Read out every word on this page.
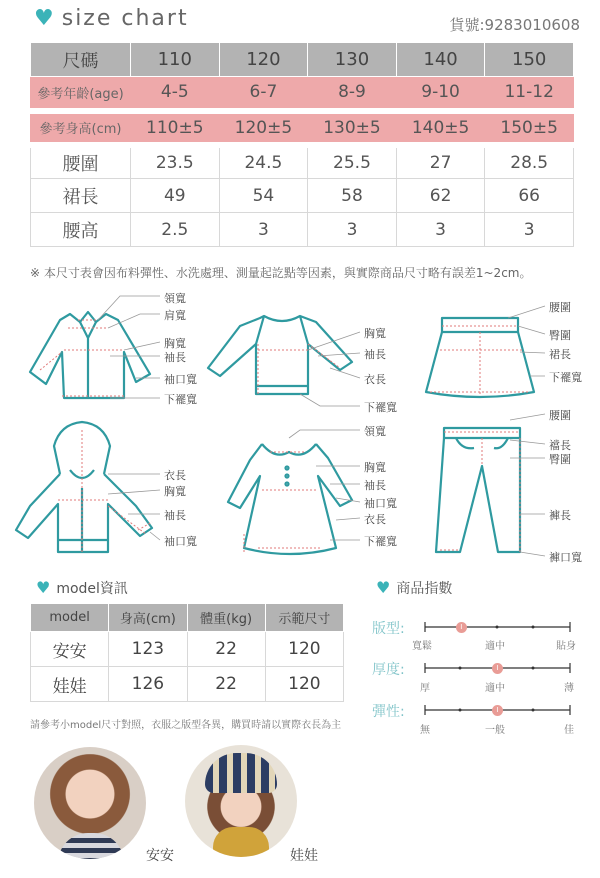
♥ size chart	貨號:9283010608
尺碼	110	120	130	140	150
參考年齡(age)	4-5	6-7	8-9	9-10	11-12
參考身高(cm)	110±5	120±5	130±5	140±5	150±5
腰圍	23.5	24.5	25.5	27	28.5
裙長	49	54	58	62	66
腰高	2.5	3	3	3	3
※ 本尺寸表會因布料彈性、水洗處理、測量起訖點等因素，與實際商品尺寸略有誤差1~2cm。
領寬
肩寬
胸寬
袖長
袖口寬
下襬寬
胸寬
袖長
衣長
下襬寬
腰圍
臀圍
裙長
下襬寬
衣長
胸寬
袖長
袖口寬
領寬
胸寬
袖長
袖口寬
衣長
下襬寬
腰圍
襠長
臀圍
褲長
褲口寬
♥ model資訊
model	身高(cm)	體重(kg)	示範尺寸
安安	123	22	120
娃娃	126	22	120
請參考小model尺寸對照，衣服之版型各異，購買時請以實際衣長為主
♥ 商品指數
版型:	I
寬鬆	適中	貼身
厚度:	I
厚	適中	薄
彈性:	I
無	一般	佳
安安	娃娃
